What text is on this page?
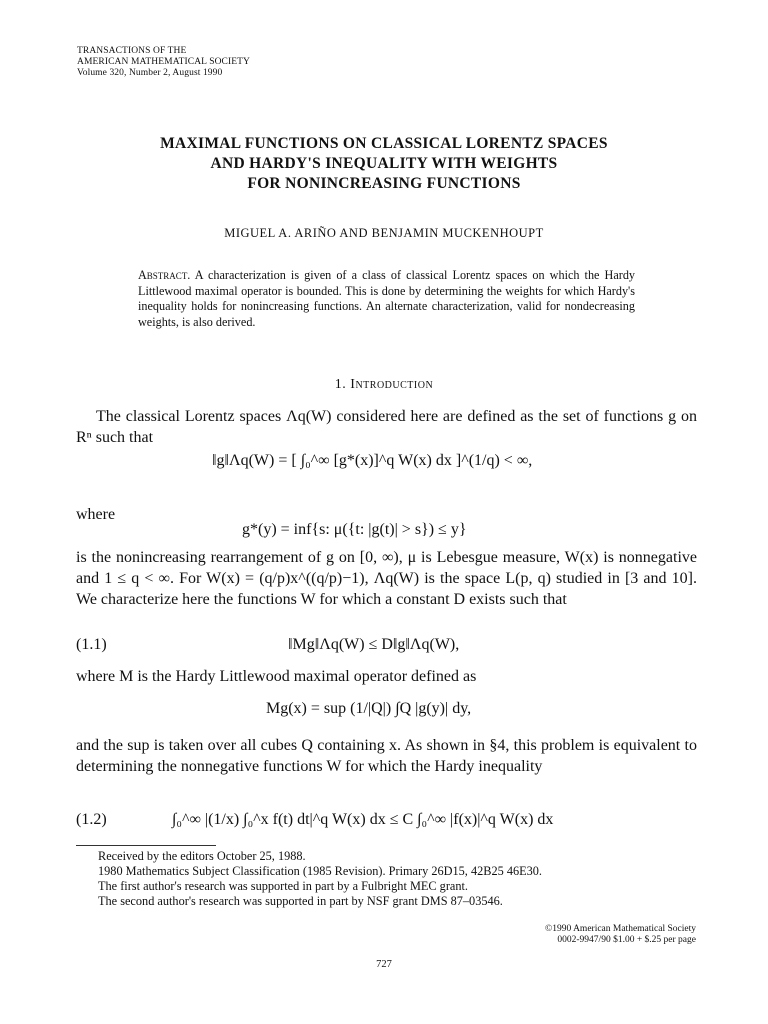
TRANSACTIONS OF THE
AMERICAN MATHEMATICAL SOCIETY
Volume 320, Number 2, August 1990
MAXIMAL FUNCTIONS ON CLASSICAL LORENTZ SPACES
AND HARDY'S INEQUALITY WITH WEIGHTS
FOR NONINCREASING FUNCTIONS
MIGUEL A. ARIÑO AND BENJAMIN MUCKENHOUPT
Abstract. A characterization is given of a class of classical Lorentz spaces on which the Hardy Littlewood maximal operator is bounded. This is done by determining the weights for which Hardy's inequality holds for nonincreasing functions. An alternate characterization, valid for nondecreasing weights, is also derived.
1. Introduction
The classical Lorentz spaces Λq(W) considered here are defined as the set of functions g on Rⁿ such that
‖g‖Λq(W) = [ ∫₀^∞ [g*(x)]^q W(x) dx ]^(1/q) < ∞,
where
g*(y) = inf{s: μ({t: |g(t)| > s}) ≤ y}
is the nonincreasing rearrangement of g on [0, ∞), μ is Lebesgue measure, W(x) is nonnegative and 1 ≤ q < ∞. For W(x) = (q/p)x^((q/p)−1), Λq(W) is the space L(p, q) studied in [3 and 10]. We characterize here the functions W for which a constant D exists such that
(1.1)	‖Mg‖Λq(W) ≤ D‖g‖Λq(W),
where M is the Hardy Littlewood maximal operator defined as
Mg(x) = sup (1/|Q|) ∫Q |g(y)| dy,
and the sup is taken over all cubes Q containing x. As shown in §4, this problem is equivalent to determining the nonnegative functions W for which the Hardy inequality
(1.2)	∫₀^∞ |(1/x) ∫₀^x f(t) dt|^q W(x) dx ≤ C ∫₀^∞ |f(x)|^q W(x) dx
Received by the editors October 25, 1988.
1980 Mathematics Subject Classification (1985 Revision). Primary 26D15, 42B25 46E30.
The first author's research was supported in part by a Fulbright MEC grant.
The second author's research was supported in part by NSF grant DMS 87–03546.
©1990 American Mathematical Society
0002-9947/90 $1.00 + $.25 per page
727
